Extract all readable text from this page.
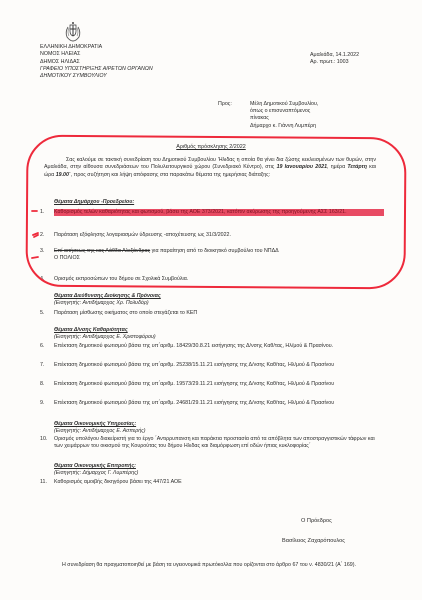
ΕΛΛΗΝΙΚΗ ΔΗΜΟΚΡΑΤΙΑ
ΝΟΜΟΣ ΗΛΕΙΑΣ
ΔΗΜΟΣ ΗΛΙΔΑΣ
ΓΡΑΦΕΙΟ ΥΠΟΣΤΗΡΙΞΗΣ ΑΙΡΕΤΩΝ ΟΡΓΑΝΩΝ
ΔΗΜΟΤΙΚΟΥ ΣΥΜΒΟΥΛΙΟΥ
Αμαλιάδα, 14.1.2022
Αρ. πρωτ.: 1003
Προς:	Μέλη Δημοτικού Συμβουλίου,
όπως ο επισυναπτόμενος
πίνακας
Δήμαρχο κ. Γιάννη Λυμπέρη
Αριθμός πρόσκλησης 2/2022
Σας καλούμε σε τακτική συνεδρίαση του Δημοτικού Συμβουλίου 'Ηλιδας η οποία θα γίνει δια ζώσης κεκλεισμένων των θυρών, στην Αμαλιάδα, στην αίθουσα συνεδριάσεων του Πολυλειτουργικού χώρου (Συνεδριακό Κέντρο), στις 19 Ιανουαρίου 2021, ημέρα Τετάρτη και ώρα 19.00΄, προς συζήτηση και λήψη απόφασης στα παρακάτω θέματα της ημερήσιας διάταξης:
Θέματα Δημάρχου -Προεδρείου:
1.	Καθορισμός τελών καθαριότητας και φωτισμού, βάσει της ΑΟΕ 373/2021, κατόπιν ακύρωσης της προηγούμενης ΑΣΣ 163/21.
2.	Παράταση εξόφλησης λογαριασμών ύδρευσης -αποχέτευσης ως 31/3/2022.
3.	Επί αιτήσεως της κας Λάθδα Αλεξάνδρας για παραίτηση από το διοικητικό συμβούλιο του ΝΠΔΔ
Ο ΠΟΛΙΟΣ
4.	Ορισμός εκπροσώπων του δήμου σε Σχολικά Συμβούλια.
Θέματα Διεύθυνσης Διοίκησης & Πρόνοιας
(Εισηγητής: Αντιδήμαρχος Χρ. Πολυδόρ)
5.	Παράταση μίσθωσης οικήματος στο οποίο στεγάζεται το ΚΕΠ
Θέματα Δ/νσης Καθαριότητας
(Εισηγητής: Αντιδήμαρχος Ε. Χριστοφόρου)
6.	Επέκταση δημοτικού φωτισμού βάσει της υπ΄αριθμ. 18429/30.8.21 εισήγησης της Δ/νσης Καθ/τας, Ηλ/μού & Πρασίνου.
7.	Επέκταση δημοτικού φωτισμού βάσει της υπ΄αριθμ. 25238/15.11.21 εισήγησης της Δ/νσης Καθ/τας, Ηλ/μού & Πρασίνου
8.	Επέκταση δημοτικού φωτισμού βάσει της υπ΄αριθμ. 19573/29.11.21 εισήγησης της Δ/νσης Καθ/τας, Ηλ/μού & Πρασίνου
9.	Επέκταση δημοτικού φωτισμού βάσει της υπ΄αριθμ. 24681/29.11.21 εισήγησης της Δ/νσης Καθ/τας, Ηλ/μού & Πρασίνου
Θέματα Οικονομικής Υπηρεσίας:
(Εισηγητής: Αντιδήμαρχος Ε. Ασπερής)
10.	Ορισμός υπολόγου διακείριστή για το έργο ΄Αντιρρυπανση και παράκτια προστασία από τα απόβλητα των αποστραγγιστικών τάφρων και των χειμάρρων του οικισμού της Κουρούτας του δήμου Ηλιδας και διαμόρφωση επί οδών ήπιας κυκλοφορίας΄
Θέματα Οικονομικής Επιτροπής:
(Εισηγητής: Δήμαρχος Γ. Λυμπέρης)
11.	Καθορισμός αμοιβής δικηγόρου βάσει της 447/21 ΑΟΕ
Ο Πρόεδρος
Βασίλειος Ζαχαρόπουλος
Η συνεδρίαση θα πραγματοποιηθεί με βάση τα υγειονομικά πρωτόκολλα που ορίζονται στο άρθρο 67 του ν. 4830/21 (Α΄ 169).
